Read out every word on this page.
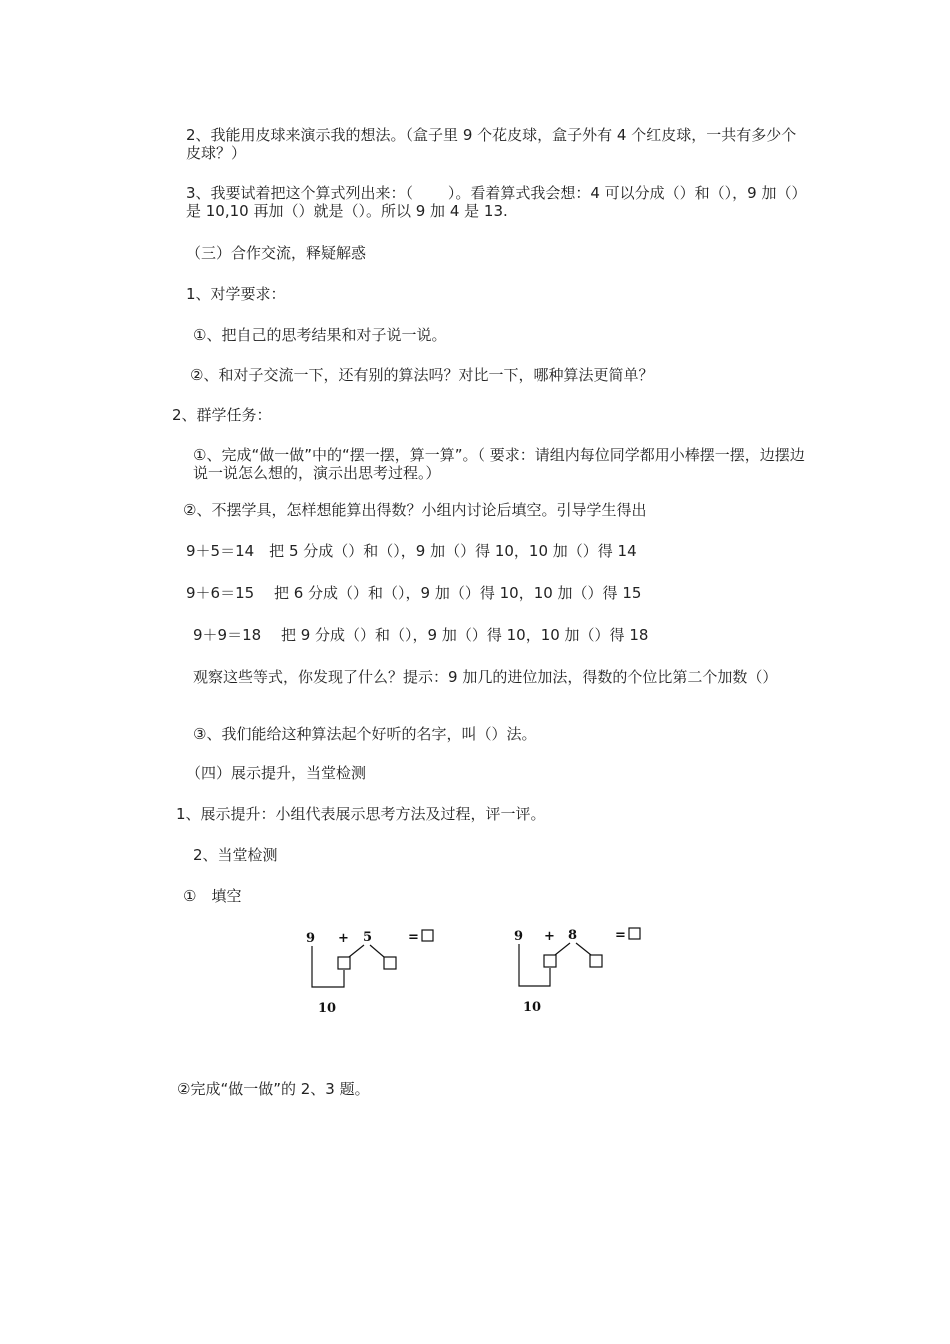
2、我能用皮球来演示我的想法。（盒子里 9 个花皮球，盒子外有 4 个红皮球，一共有多少个皮球？）
3、我要试着把这个算式列出来：（　　 ）。看着算式我会想：4 可以分成（）和（），9 加（）是 10,10 再加（）就是（）。所以 9 加 4 是 13.
（三）合作交流，释疑解惑
1、对学要求：
①、把自己的思考结果和对子说一说。
②、和对子交流一下，还有别的算法吗？对比一下，哪种算法更简单？
2、群学任务：
①、完成“做一做”中的“摆一摆，算一算”。（ 要求：请组内每位同学都用小棒摆一摆，边摆边说一说怎么想的，演示出思考过程。）
②、不摆学具，怎样想能算出得数？小组内讨论后填空。引导学生得出
9＋5＝14　把 5 分成（）和（），9 加（）得 10，10 加（）得 14
9＋6＝15　 把 6 分成（）和（），9 加（）得 10，10 加（）得 15
9＋9＝18　 把 9 分成（）和（），9 加（）得 10，10 加（）得 18
观察这些等式，你发现了什么？提示：9 加几的进位加法，得数的个位比第二个加数（）
③、我们能给这种算法起个好听的名字，叫（）法。
（四）展示提升，当堂检测
1、展示提升：小组代表展示思考方法及过程，评一评。
2、当堂检测
①　填空
9 + 5	=
10
9 + 8	=
10
②完成“做一做”的 2、3 题。
